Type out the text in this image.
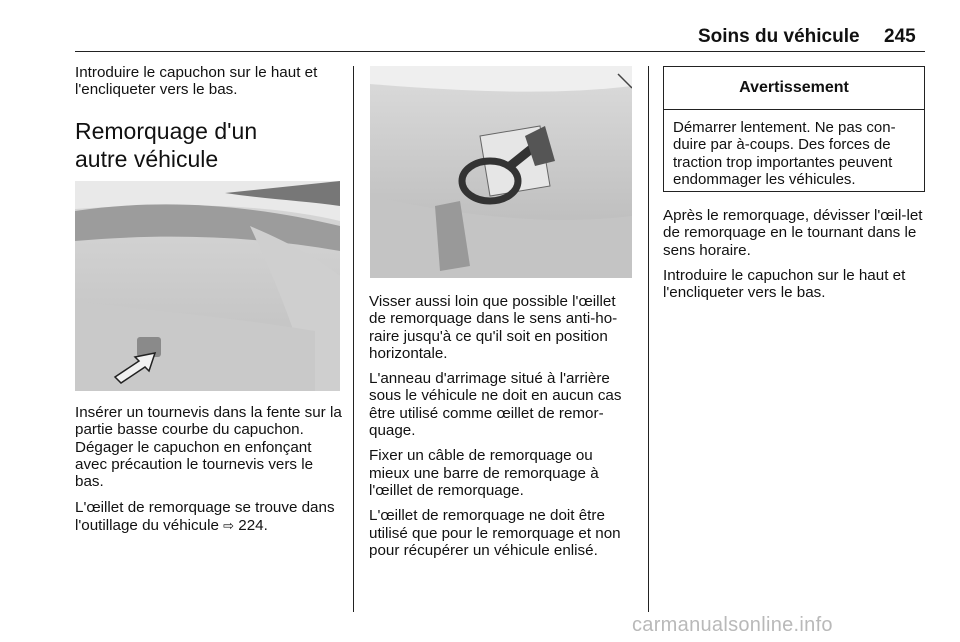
Soins du véhicule 245

Introduire le capuchon sur le haut et l'encliqueter vers le bas.

Remorquage d'un autre véhicule

Insérer un tournevis dans la fente sur la partie basse courbe du capuchon. Dégager le capuchon en enfonçant avec précaution le tournevis vers le bas.

L'œillet de remorquage se trouve dans l'outillage du véhicule ⇨ 224.

Visser aussi loin que possible l'œillet de remorquage dans le sens anti-ho-raire jusqu'à ce qu'il soit en position horizontale.

L'anneau d'arrimage situé à l'arrière sous le véhicule ne doit en aucun cas être utilisé comme œillet de remor-quage.

Fixer un câble de remorquage ou mieux une barre de remorquage à l'œillet de remorquage.

L'œillet de remorquage ne doit être utilisé que pour le remorquage et non pour récupérer un véhicule enlisé.

Avertissement
Démarrer lentement. Ne pas con-duire par à-coups. Des forces de traction trop importantes peuvent endommager les véhicules.

Après le remorquage, dévisser l'œil-let de remorquage en le tournant dans le sens horaire.

Introduire le capuchon sur le haut et l'encliqueter vers le bas.

carmanualsonline.info
